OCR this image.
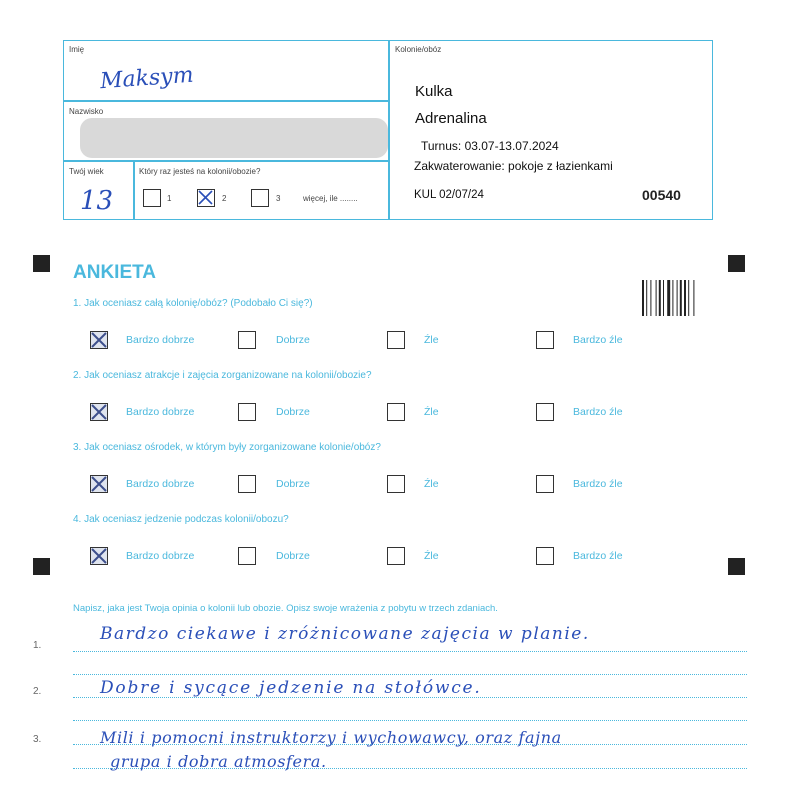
Imię
Maksym
Nazwisko
Twój wiek
13
Który raz jesteś na kolonii/obozie?
1	2	3	więcej, ile ........
Kolonie/obóz
Kulka
Adrenalina
Turnus: 03.07-13.07.2024
Zakwaterowanie: pokoje z łazienkami
KUL 02/07/24	00540
ANKIETA
1. Jak oceniasz całą kolonię/obóz? (Podobało Ci się?)
Bardzo dobrze	Dobrze	Źle	Bardzo źle
2. Jak oceniasz atrakcje i zajęcia zorganizowane na kolonii/obozie?
Bardzo dobrze	Dobrze	Źle	Bardzo źle
3. Jak oceniasz ośrodek, w którym były zorganizowane kolonie/obóz?
Bardzo dobrze	Dobrze	Źle	Bardzo źle
4. Jak oceniasz jedzenie podczas kolonii/obozu?
Bardzo dobrze	Dobrze	Źle	Bardzo źle
Napisz, jaka jest Twoja opinia o kolonii lub obozie. Opisz swoje wrażenia z pobytu w trzech zdaniach.
1.
2.
3.
Bardzo ciekawe i zróżnicowane zajęcia w planie.
Dobre i sycące jedzenie na stołówce.
Mili i pomocni instruktorzy i wychowawcy, oraz fajna
grupa i dobra atmosfera.
